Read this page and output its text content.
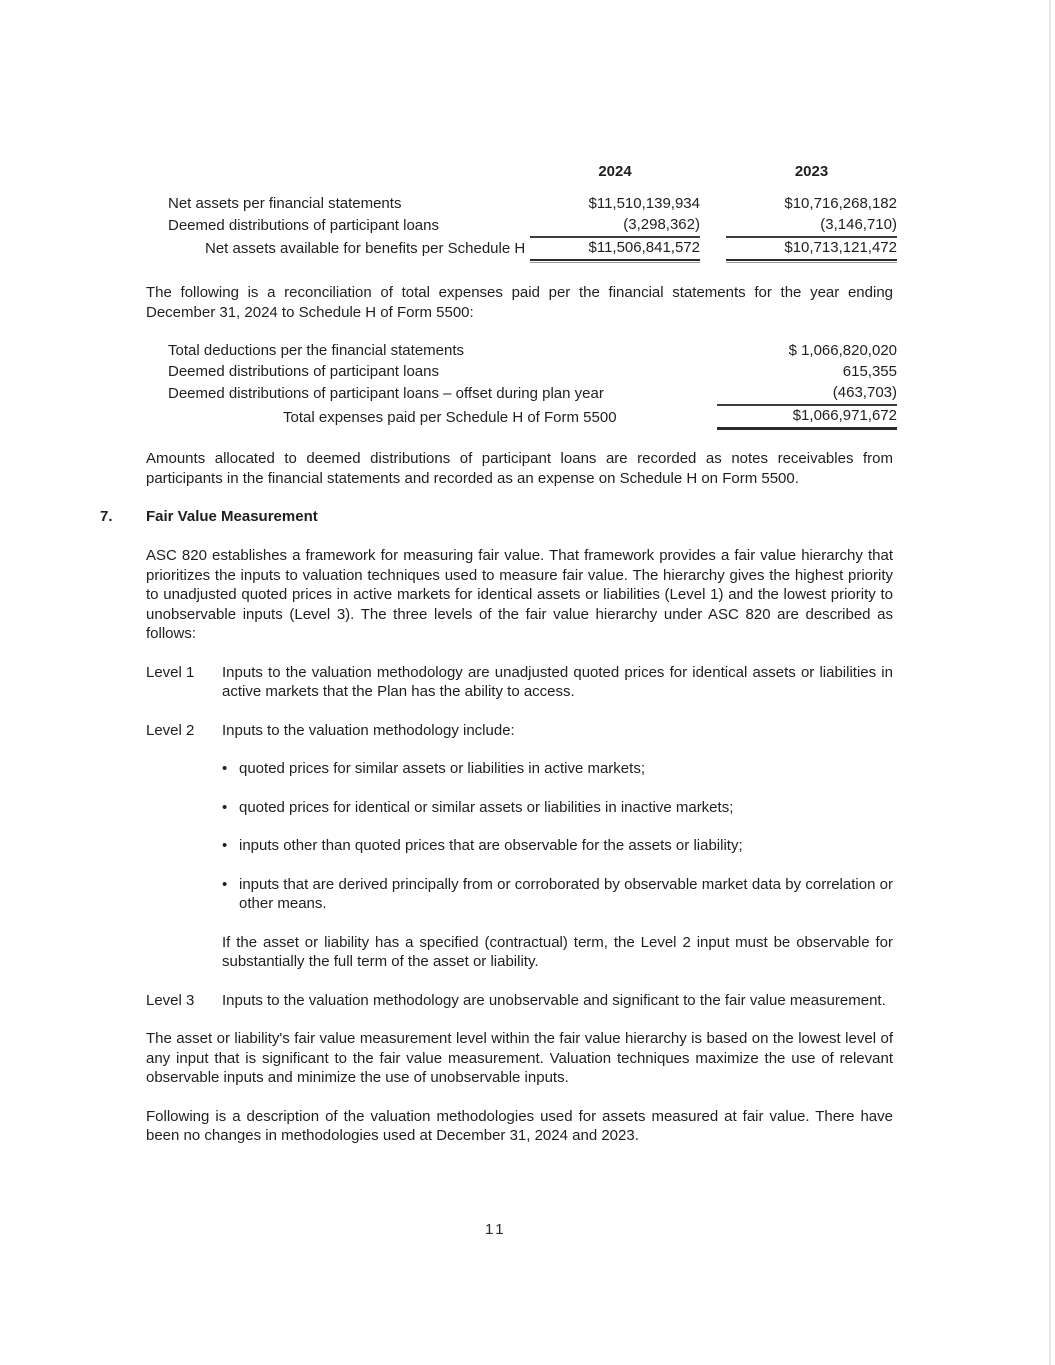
	2024		2023
Net assets per financial statements	$11,510,139,934		$10,716,268,182
Deemed distributions of participant loans	(3,298,362)		(3,146,710)
Net assets available for benefits per Schedule H	$11,506,841,572		$10,713,121,472

The following is a reconciliation of total expenses paid per the financial statements for the year ending December 31, 2024 to Schedule H of Form 5500:

Total deductions per the financial statements	$ 1,066,820,020
Deemed distributions of participant loans	615,355
Deemed distributions of participant loans – offset during plan year	(463,703)
Total expenses paid per Schedule H of Form 5500	$1,066,971,672

Amounts allocated to deemed distributions of participant loans are recorded as notes receivables from participants in the financial statements and recorded as an expense on Schedule H on Form 5500.

7.	Fair Value Measurement

ASC 820 establishes a framework for measuring fair value. That framework provides a fair value hierarchy that prioritizes the inputs to valuation techniques used to measure fair value. The hierarchy gives the highest priority to unadjusted quoted prices in active markets for identical assets or liabilities (Level 1) and the lowest priority to unobservable inputs (Level 3). The three levels of the fair value hierarchy under ASC 820 are described as follows:

Level 1	Inputs to the valuation methodology are unadjusted quoted prices for identical assets or liabilities in active markets that the Plan has the ability to access.
Level 2	Inputs to the valuation methodology include:
• quoted prices for similar assets or liabilities in active markets;
• quoted prices for identical or similar assets or liabilities in inactive markets;
• inputs other than quoted prices that are observable for the assets or liability;
• inputs that are derived principally from or corroborated by observable market data by correlation or other means.

If the asset or liability has a specified (contractual) term, the Level 2 input must be observable for substantially the full term of the asset or liability.

Level 3	Inputs to the valuation methodology are unobservable and significant to the fair value measurement.

The asset or liability's fair value measurement level within the fair value hierarchy is based on the lowest level of any input that is significant to the fair value measurement. Valuation techniques maximize the use of relevant observable inputs and minimize the use of unobservable inputs.

Following is a description of the valuation methodologies used for assets measured at fair value. There have been no changes in methodologies used at December 31, 2024 and 2023.

11
